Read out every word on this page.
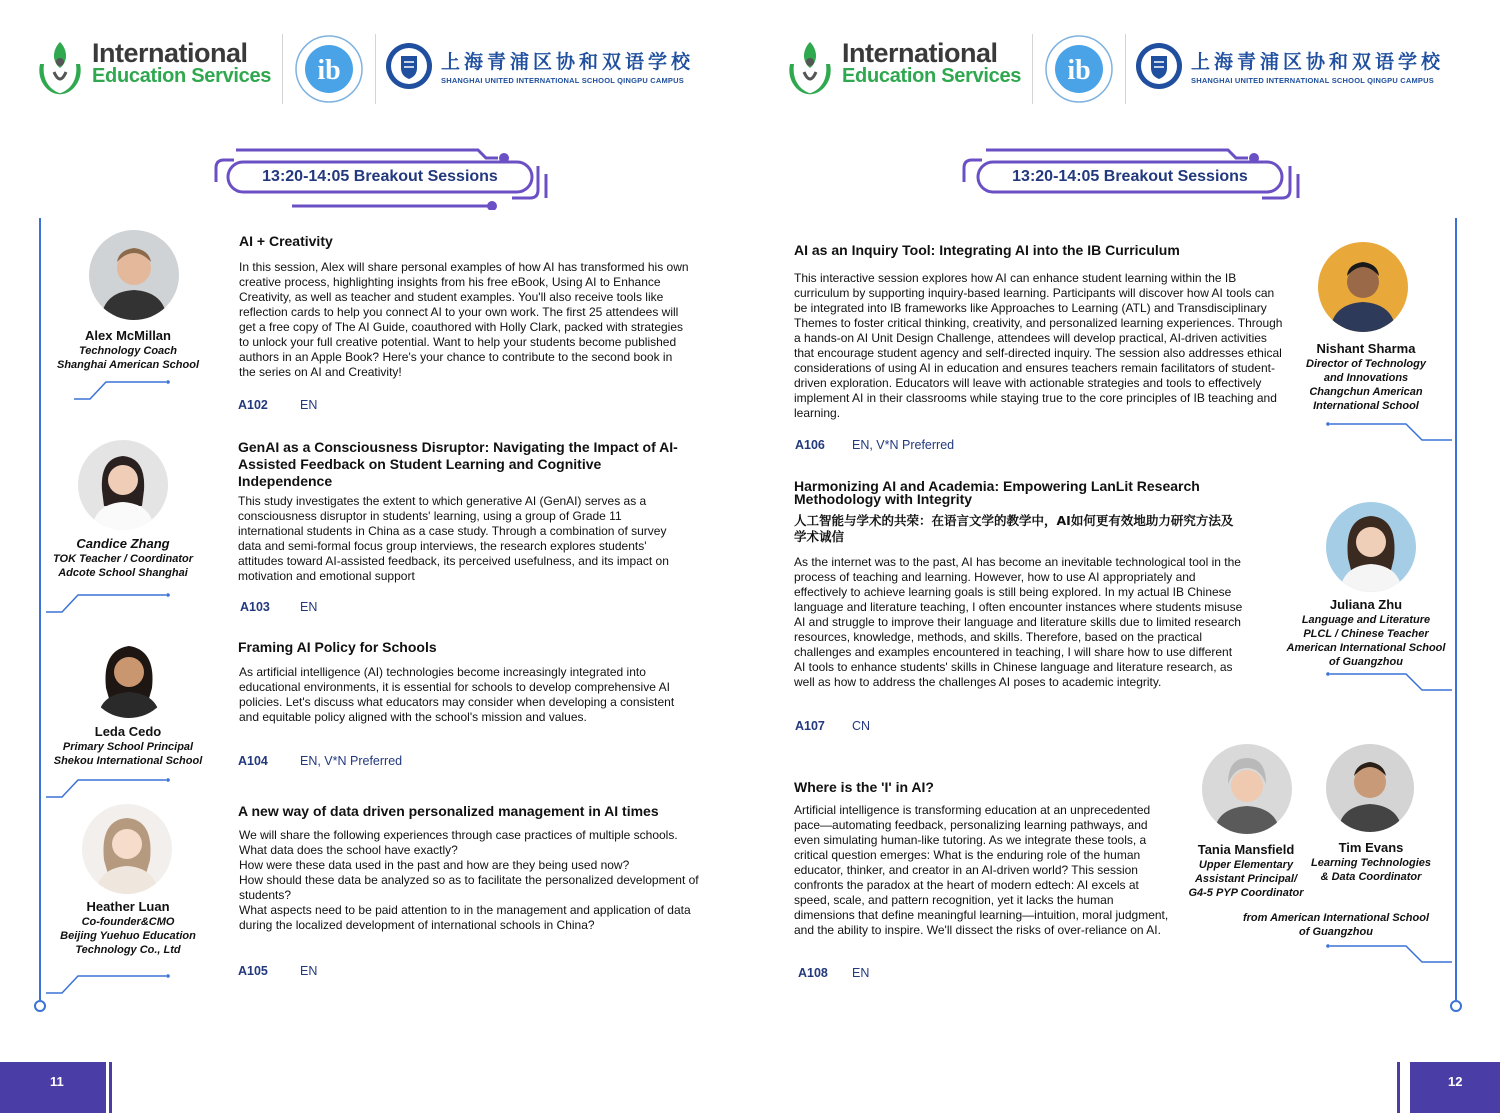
International
Education Services ib	上海青浦区协和双语学校
SHANGHAI UNITED INTERNATIONAL SCHOOL QINGPU CAMPUS
13:20-14:05 Breakout Sessions
Alex McMillan
Technology Coach
Shanghai American School
AI + Creativity
In this session, Alex will share personal examples of how AI has transformed his own creative process, highlighting insights from his free eBook, Using AI to Enhance Creativity, as well as teacher and student examples. You'll also receive tools like reflection cards to help you connect AI to your own work. The first 25 attendees will get a free copy of The AI Guide, coauthored with Holly Clark, packed with strategies to unlock your full creative potential. Want to help your students become published authors in an Apple Book? Here's your chance to contribute to the second book in the series on AI and Creativity!
A102	EN
Candice Zhang
TOK Teacher / Coordinator
Adcote School Shanghai
GenAI as a Consciousness Disruptor: Navigating the Impact of AI-Assisted Feedback on Student Learning and Cognitive Independence
This study investigates the extent to which generative AI (GenAI) serves as a consciousness disruptor in students' learning, using a group of Grade 11 international students in China as a case study. Through a combination of survey data and semi-formal focus group interviews, the research explores students' attitudes toward AI-assisted feedback, its perceived usefulness, and its impact on motivation and emotional support
A103 EN
Leda Cedo
Primary School Principal
Shekou International School
Framing AI Policy for Schools
As artificial intelligence (AI) technologies become increasingly integrated into educational environments, it is essential for schools to develop comprehensive AI policies. Let's discuss what educators may consider when developing a consistent and equitable policy aligned with the school's mission and values.
A104	EN, V*N Preferred
Heather Luan
Co-founder&CMO
Beijing Yuehuo Education
Technology Co., Ltd
A new way of data driven personalized management in AI times

We will share the following experiences through case practices of multiple schools.

What data does the school have exactly?

How were these data used in the past and how are they being used now?

How should these data be analyzed so as to facilitate the personalized development of students?

What aspects need to be paid attention to in the management and application of data during the localized development of international schools in China?

A105	EN
11
International
Education Services ib	上海青浦区协和双语学校
SHANGHAI UNITED INTERNATIONAL SCHOOL QINGPU CAMPUS
13:20-14:05 Breakout Sessions
AI as an Inquiry Tool: Integrating AI into the IB Curriculum
This interactive session explores how AI can enhance student learning within the IB curriculum by supporting inquiry-based learning. Participants will discover how AI tools can be integrated into IB frameworks like Approaches to Learning (ATL) and Transdisciplinary Themes to foster critical thinking, creativity, and personalized learning experiences. Through a hands-on AI Unit Design Challenge, attendees will develop practical, AI-driven activities that encourage student agency and self-directed inquiry. The session also addresses ethical considerations of using AI in education and ensures teachers remain facilitators of student-driven exploration. Educators will leave with actionable strategies and tools to effectively implement AI in their classrooms while staying true to the core principles of IB teaching and learning.
A106 EN, V*N Preferred
Nishant Sharma
Director of Technology
and Innovations
Changchun American
International School
Harmonizing AI and Academia: Empowering LanLit Research Methodology with Integrity
人工智能与学术的共荣：在语言文学的教学中，AI如何更有效地助力研究方法及学术诚信
As the internet was to the past, AI has become an inevitable technological tool in the process of teaching and learning. However, how to use AI appropriately and effectively to achieve learning goals is still being explored. In my actual IB Chinese language and literature teaching, I often encounter instances where students misuse AI and struggle to improve their language and literature skills due to limited research resources, knowledge, methods, and skills. Therefore, based on the practical challenges and examples encountered in teaching, I will share how to use different AI tools to enhance students' skills in Chinese language and literature research, as well as how to address the challenges AI poses to academic integrity.
A107 CN
Juliana Zhu
Language and Literature
PLCL / Chinese Teacher
American International School
of Guangzhou
Where is the 'I' in AI?
Artificial intelligence is transforming education at an unprecedented pace—automating feedback, personalizing learning pathways, and even simulating human-like tutoring. As we integrate these tools, a critical question emerges: What is the enduring role of the human educator, thinker, and creator in an AI-driven world? This session confronts the paradox at the heart of modern edtech: AI excels at speed, scale, and pattern recognition, yet it lacks the human dimensions that define meaningful learning—intuition, moral judgment, and the ability to inspire. We'll dissect the risks of over-reliance on AI.
A108 EN
Tania Mansfield
Upper Elementary
Assistant Principal/
G4-5 PYP Coordinator
Tim Evans
Learning Technologies
& Data Coordinator
from American International School
of Guangzhou
12
